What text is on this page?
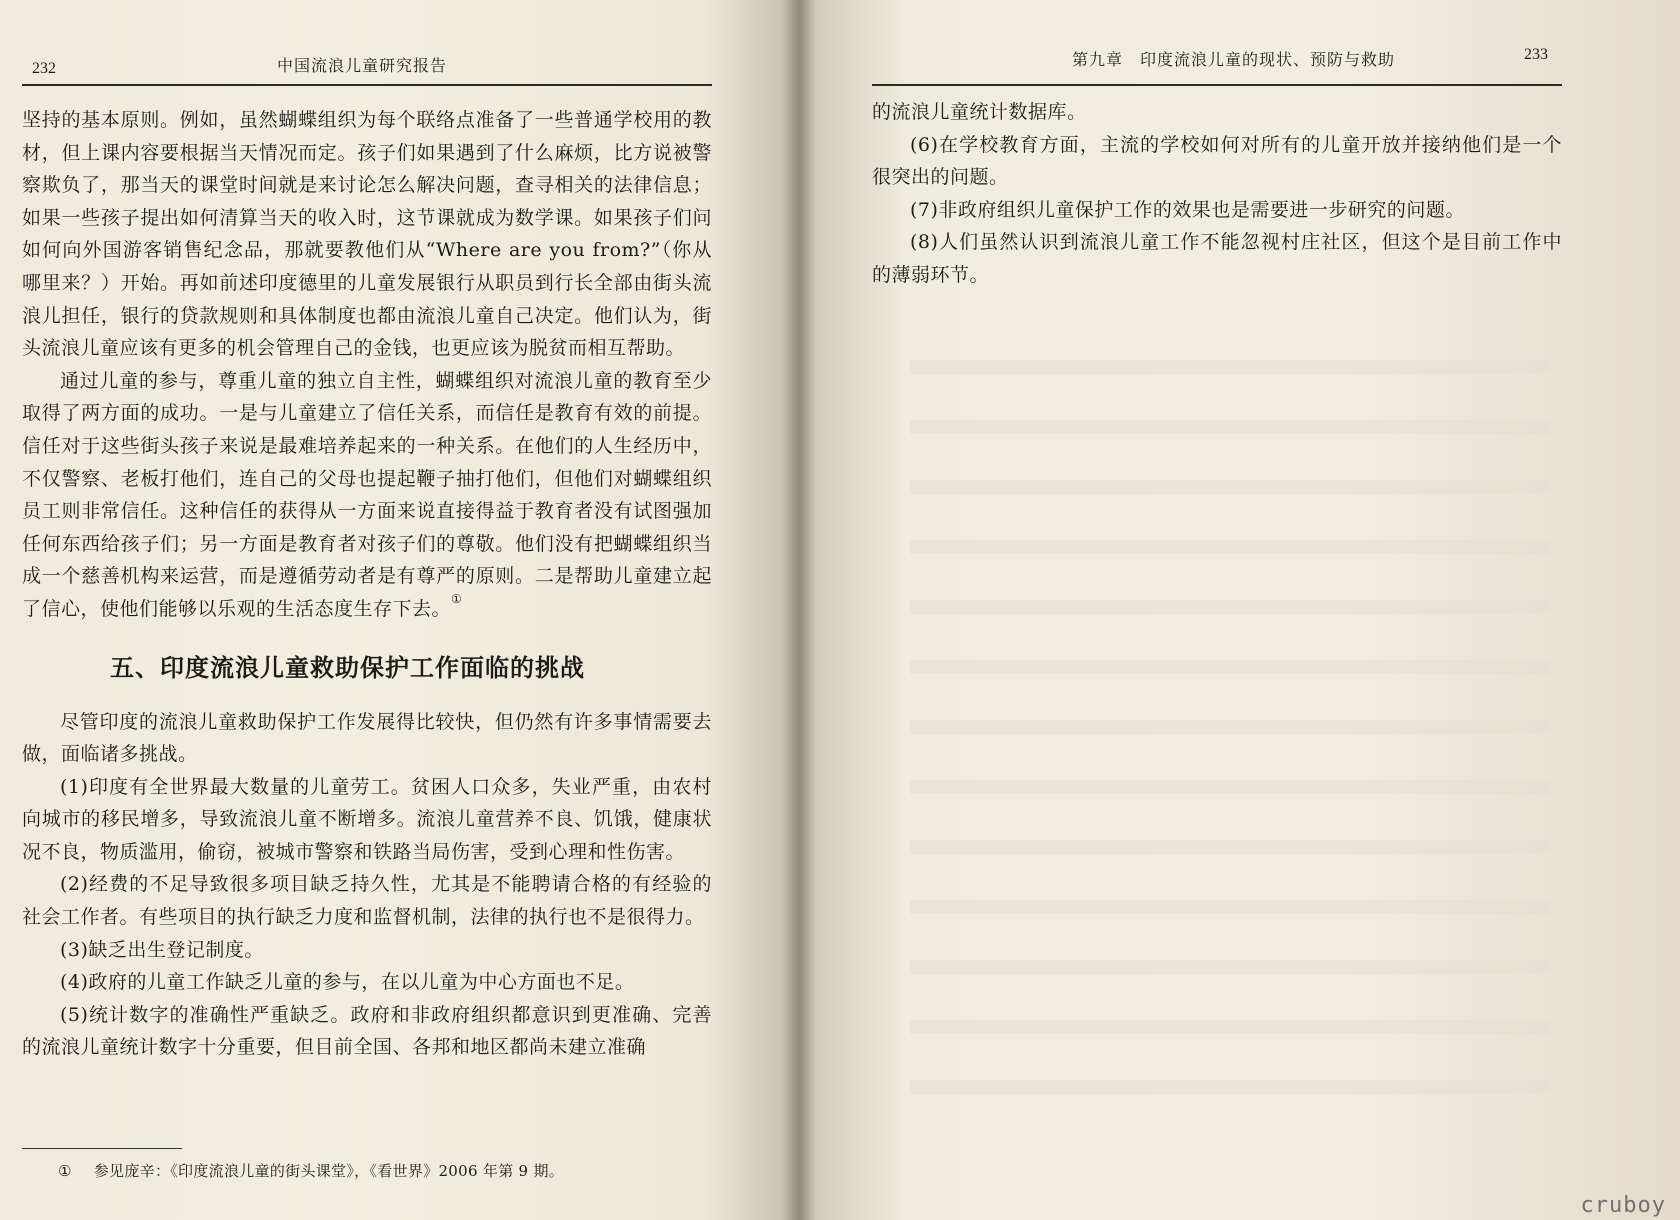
232	中国流浪儿童研究报告

坚持的基本原则。例如，虽然蝴蝶组织为每个联络点准备了一些普通学校用的教材，但上课内容要根据当天情况而定。孩子们如果遇到了什么麻烦，比方说被警察欺负了，那当天的课堂时间就是来讨论怎么解决问题，查寻相关的法律信息；如果一些孩子提出如何清算当天的收入时，这节课就成为数学课。如果孩子们问如何向外国游客销售纪念品，那就要教他们从“Where are you from?”（你从哪里来？）开始。再如前述印度德里的儿童发展银行从职员到行长全部由街头流浪儿担任，银行的贷款规则和具体制度也都由流浪儿童自己决定。他们认为，街头流浪儿童应该有更多的机会管理自己的金钱，也更应该为脱贫而相互帮助。

通过儿童的参与，尊重儿童的独立自主性，蝴蝶组织对流浪儿童的教育至少取得了两方面的成功。一是与儿童建立了信任关系，而信任是教育有效的前提。信任对于这些街头孩子来说是最难培养起来的一种关系。在他们的人生经历中，不仅警察、老板打他们，连自己的父母也提起鞭子抽打他们，但他们对蝴蝶组织员工则非常信任。这种信任的获得从一方面来说直接得益于教育者没有试图强加任何东西给孩子们；另一方面是教育者对孩子们的尊敬。他们没有把蝴蝶组织当成一个慈善机构来运营，而是遵循劳动者是有尊严的原则。二是帮助儿童建立起了信心，使他们能够以乐观的生活态度生存下去。①

五、印度流浪儿童救助保护工作面临的挑战

尽管印度的流浪儿童救助保护工作发展得比较快，但仍然有许多事情需要去做，面临诸多挑战。

(1)印度有全世界最大数量的儿童劳工。贫困人口众多，失业严重，由农村向城市的移民增多，导致流浪儿童不断增多。流浪儿童营养不良、饥饿，健康状况不良，物质滥用，偷窃，被城市警察和铁路当局伤害，受到心理和性伤害。

(2)经费的不足导致很多项目缺乏持久性，尤其是不能聘请合格的有经验的社会工作者。有些项目的执行缺乏力度和监督机制，法律的执行也不是很得力。

(3)缺乏出生登记制度。

(4)政府的儿童工作缺乏儿童的参与，在以儿童为中心方面也不足。

(5)统计数字的准确性严重缺乏。政府和非政府组织都意识到更准确、完善的流浪儿童统计数字十分重要，但目前全国、各邦和地区都尚未建立准确

① 参见庞辛：《印度流浪儿童的街头课堂》，《看世界》2006 年第 9 期。
第九章　印度流浪儿童的现状、预防与救助	233

的流浪儿童统计数据库。

(6)在学校教育方面，主流的学校如何对所有的儿童开放并接纳他们是一个很突出的问题。

(7)非政府组织儿童保护工作的效果也是需要进一步研究的问题。

(8)人们虽然认识到流浪儿童工作不能忽视村庄社区，但这个是目前工作中的薄弱环节。

cruboy
